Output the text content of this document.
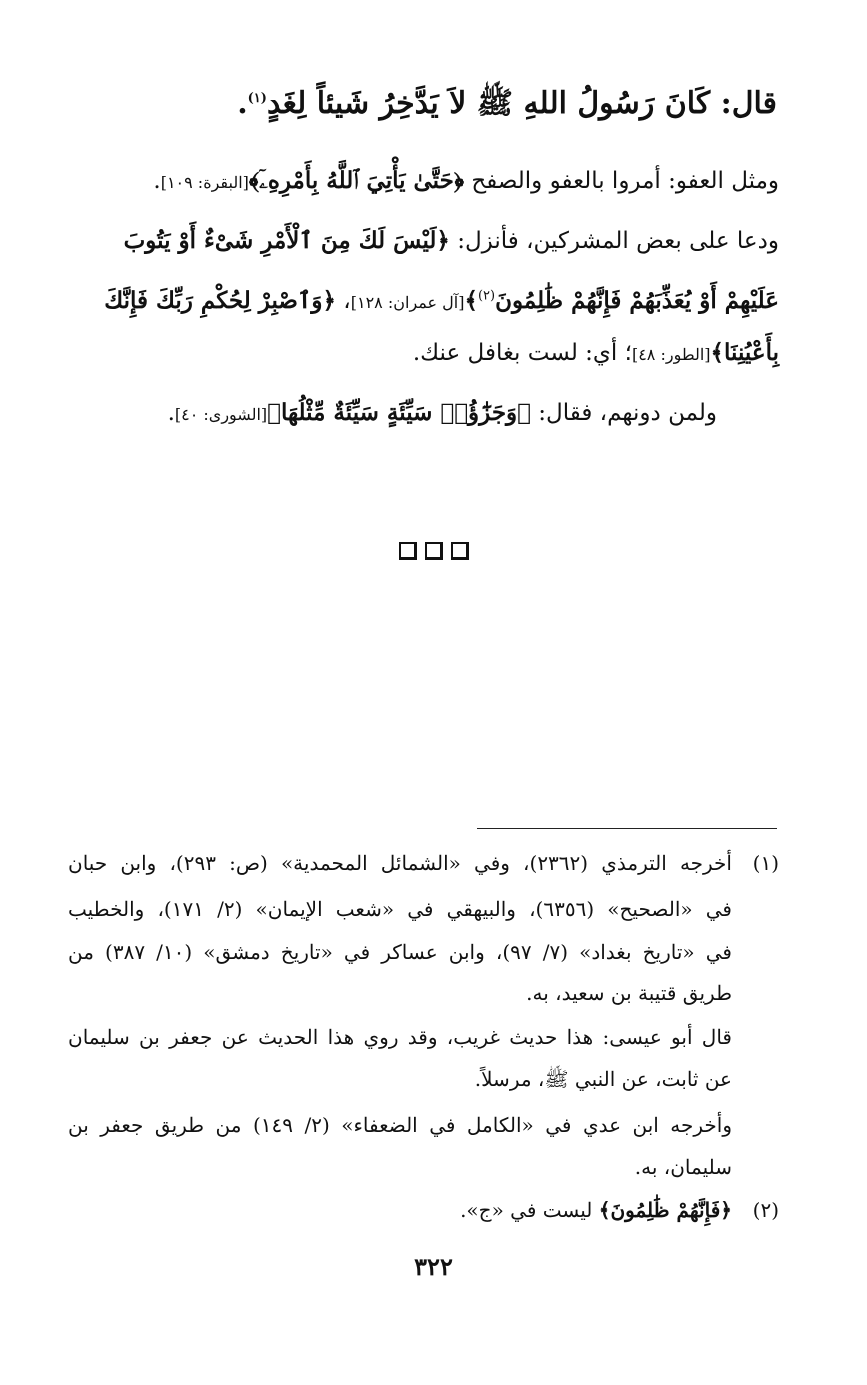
قال: كَانَ رَسُولُ اللهِ ﷺ لاَ يَدَّخِرُ شَيئاً لِغَدٍ$^{(١)}$.
ومثل العفو: أمروا بالعفو والصفح ﴿حَتَّىٰ يَأْتِيَ ٱللَّهُ بِأَمْرِهِۦٓ﴾[البقرة: ١٠٩].
ودعا على بعض المشركين، فأنزل: ﴿لَيْسَ لَكَ مِنَ ٱلْأَمْرِ شَىْءٌ أَوْ يَتُوبَ
عَلَيْهِمْ أَوْ يُعَذِّبَهُمْ فَإِنَّهُمْ ظَٰلِمُونَ$^{(٢)}$﴾[آل عمران: ١٢٨]، ﴿وَٱصْبِرْ لِحُكْمِ رَبِّكَ فَإِنَّكَ
بِأَعْيُنِنَا﴾[الطور: ٤٨]؛ أي: لست بغافل عنك.
ولمن دونهم، فقال: ﴿وَجَزَٰٓؤُا۟ سَيِّئَةٍ سَيِّئَةٌ مِّثْلُهَا﴾[الشورى: ٤٠].
(١)
أخرجه الترمذي (٢٣٦٢)، وفي «الشمائل المحمدية» (ص: ٢٩٣)، وابن حبان
في «الصحيح» (٦٣٥٦)، والبيهقي في «شعب الإيمان» (٢/ ١٧١)، والخطيب
في «تاريخ بغداد» (٧/ ٩٧)، وابن عساكر في «تاريخ دمشق» (١٠/ ٣٨٧) من
طريق قتيبة بن سعيد، به.
قال أبو عيسى: هذا حديث غريب، وقد روي هذا الحديث عن جعفر بن سليمان
عن ثابت، عن النبي ﷺ، مرسلاً.
وأخرجه ابن عدي في «الكامل في الضعفاء» (٢/ ١٤٩) من طريق جعفر بن
سليمان، به.
(٢)
﴿فَإِنَّهُمْ ظَٰلِمُونَ﴾ ليست في «ج».
٣٢٢
